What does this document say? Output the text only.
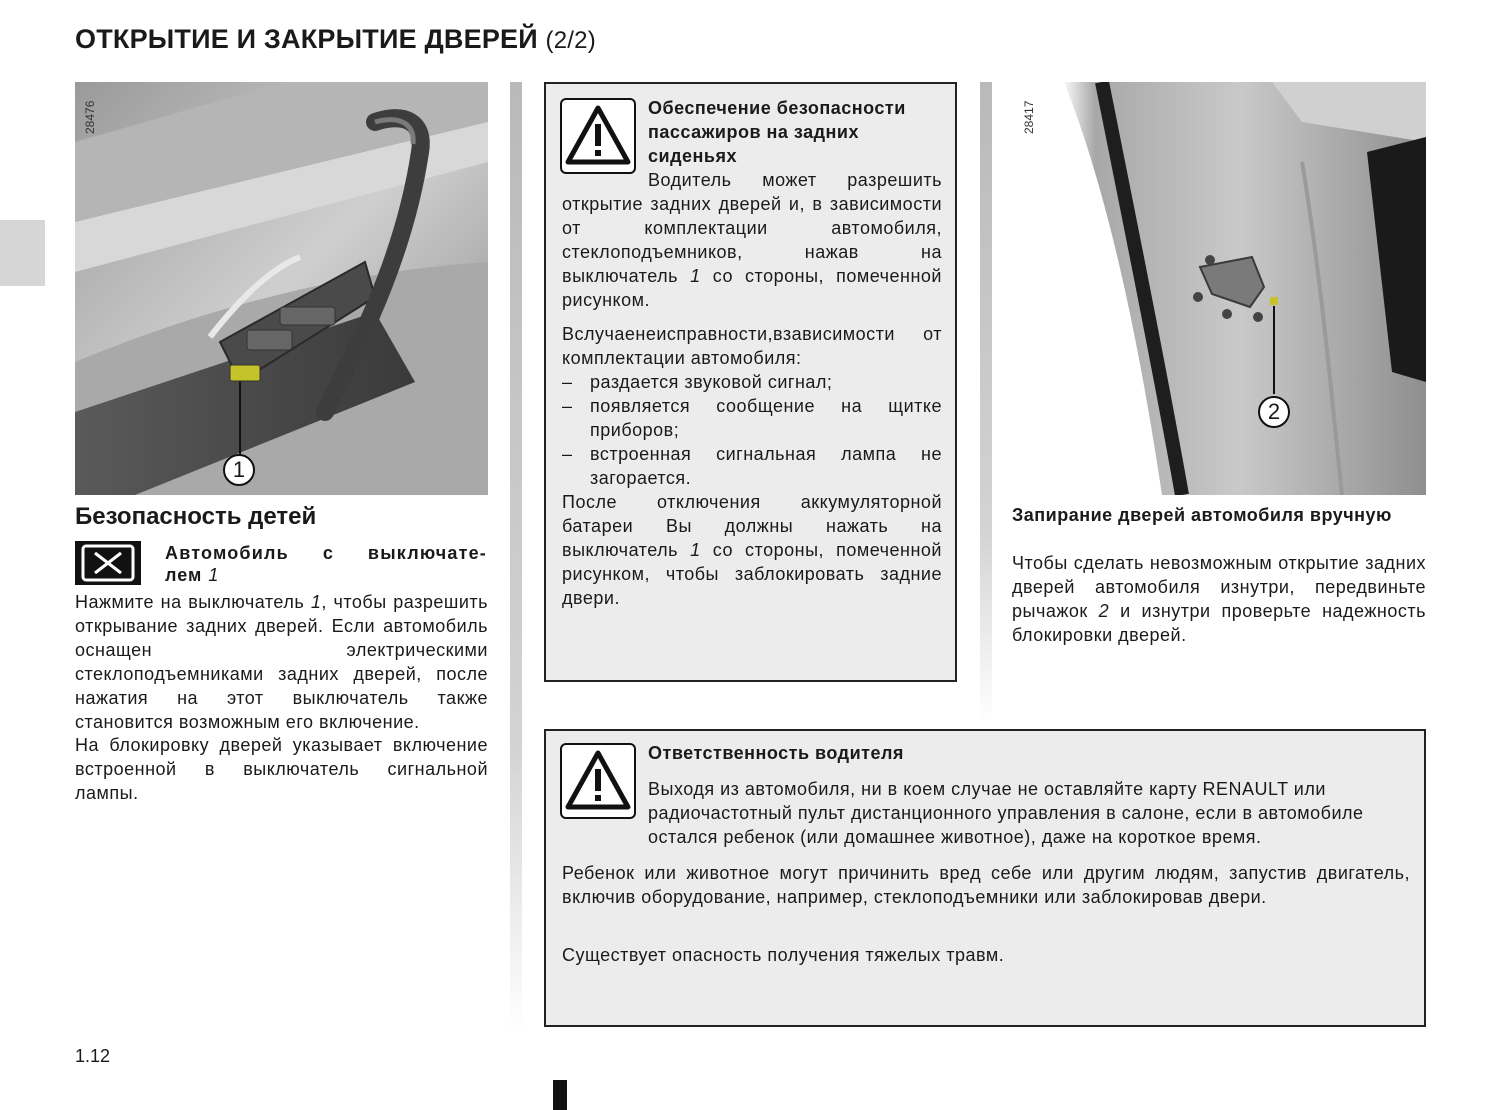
ОТКРЫТИЕ И ЗАКРЫТИЕ ДВЕРЕЙ (2/2)
28476
1
28417
2
Безопасность детей
Автомобиль с выключате-
лем 1
Нажмите на выключатель 1, чтобы разрешить открывание задних дверей. Если автомобиль оснащен электрическими стеклоподъемниками задних дверей, после нажатия на этот выключатель также становится возможным его включение.
На блокировку дверей указывает включение встроенной в выключатель сигнальной лампы.
Обеспечение безопасности пассажиров на задних сиденьях
Водитель может разрешить открытие задних дверей и, в зависимости от комплектации автомобиля, стеклоподъемников, нажав на выключатель 1 со стороны, помеченной рисунком.
Вслучаенеисправности,взависимости от комплектации автомобиля:
– раздается звуковой сигнал;
– появляется сообщение на щитке приборов;
– встроенная сигнальная лампа не загорается.
После отключения аккумуляторной батареи Вы должны нажать на выключатель 1 со стороны, помеченной рисунком, чтобы заблокировать задние двери.
Запирание дверей автомобиля вручную
Чтобы сделать невозможным открытие задних дверей автомобиля изнутри, передвиньте рычажок 2 и изнутри проверьте надежность блокировки дверей.
Ответственность водителя
Выходя из автомобиля, ни в коем случае не оставляйте карту RENAULT или радиочастотный пульт дистанционного управления в салоне, если в автомобиле остался ребенок (или домашнее животное), даже на короткое время.
Ребенок или животное могут причинить вред себе или другим людям, запустив двигатель, включив оборудование, например, стеклоподъемники или заблокировав двери.
Существует опасность получения тяжелых травм.
1.12
